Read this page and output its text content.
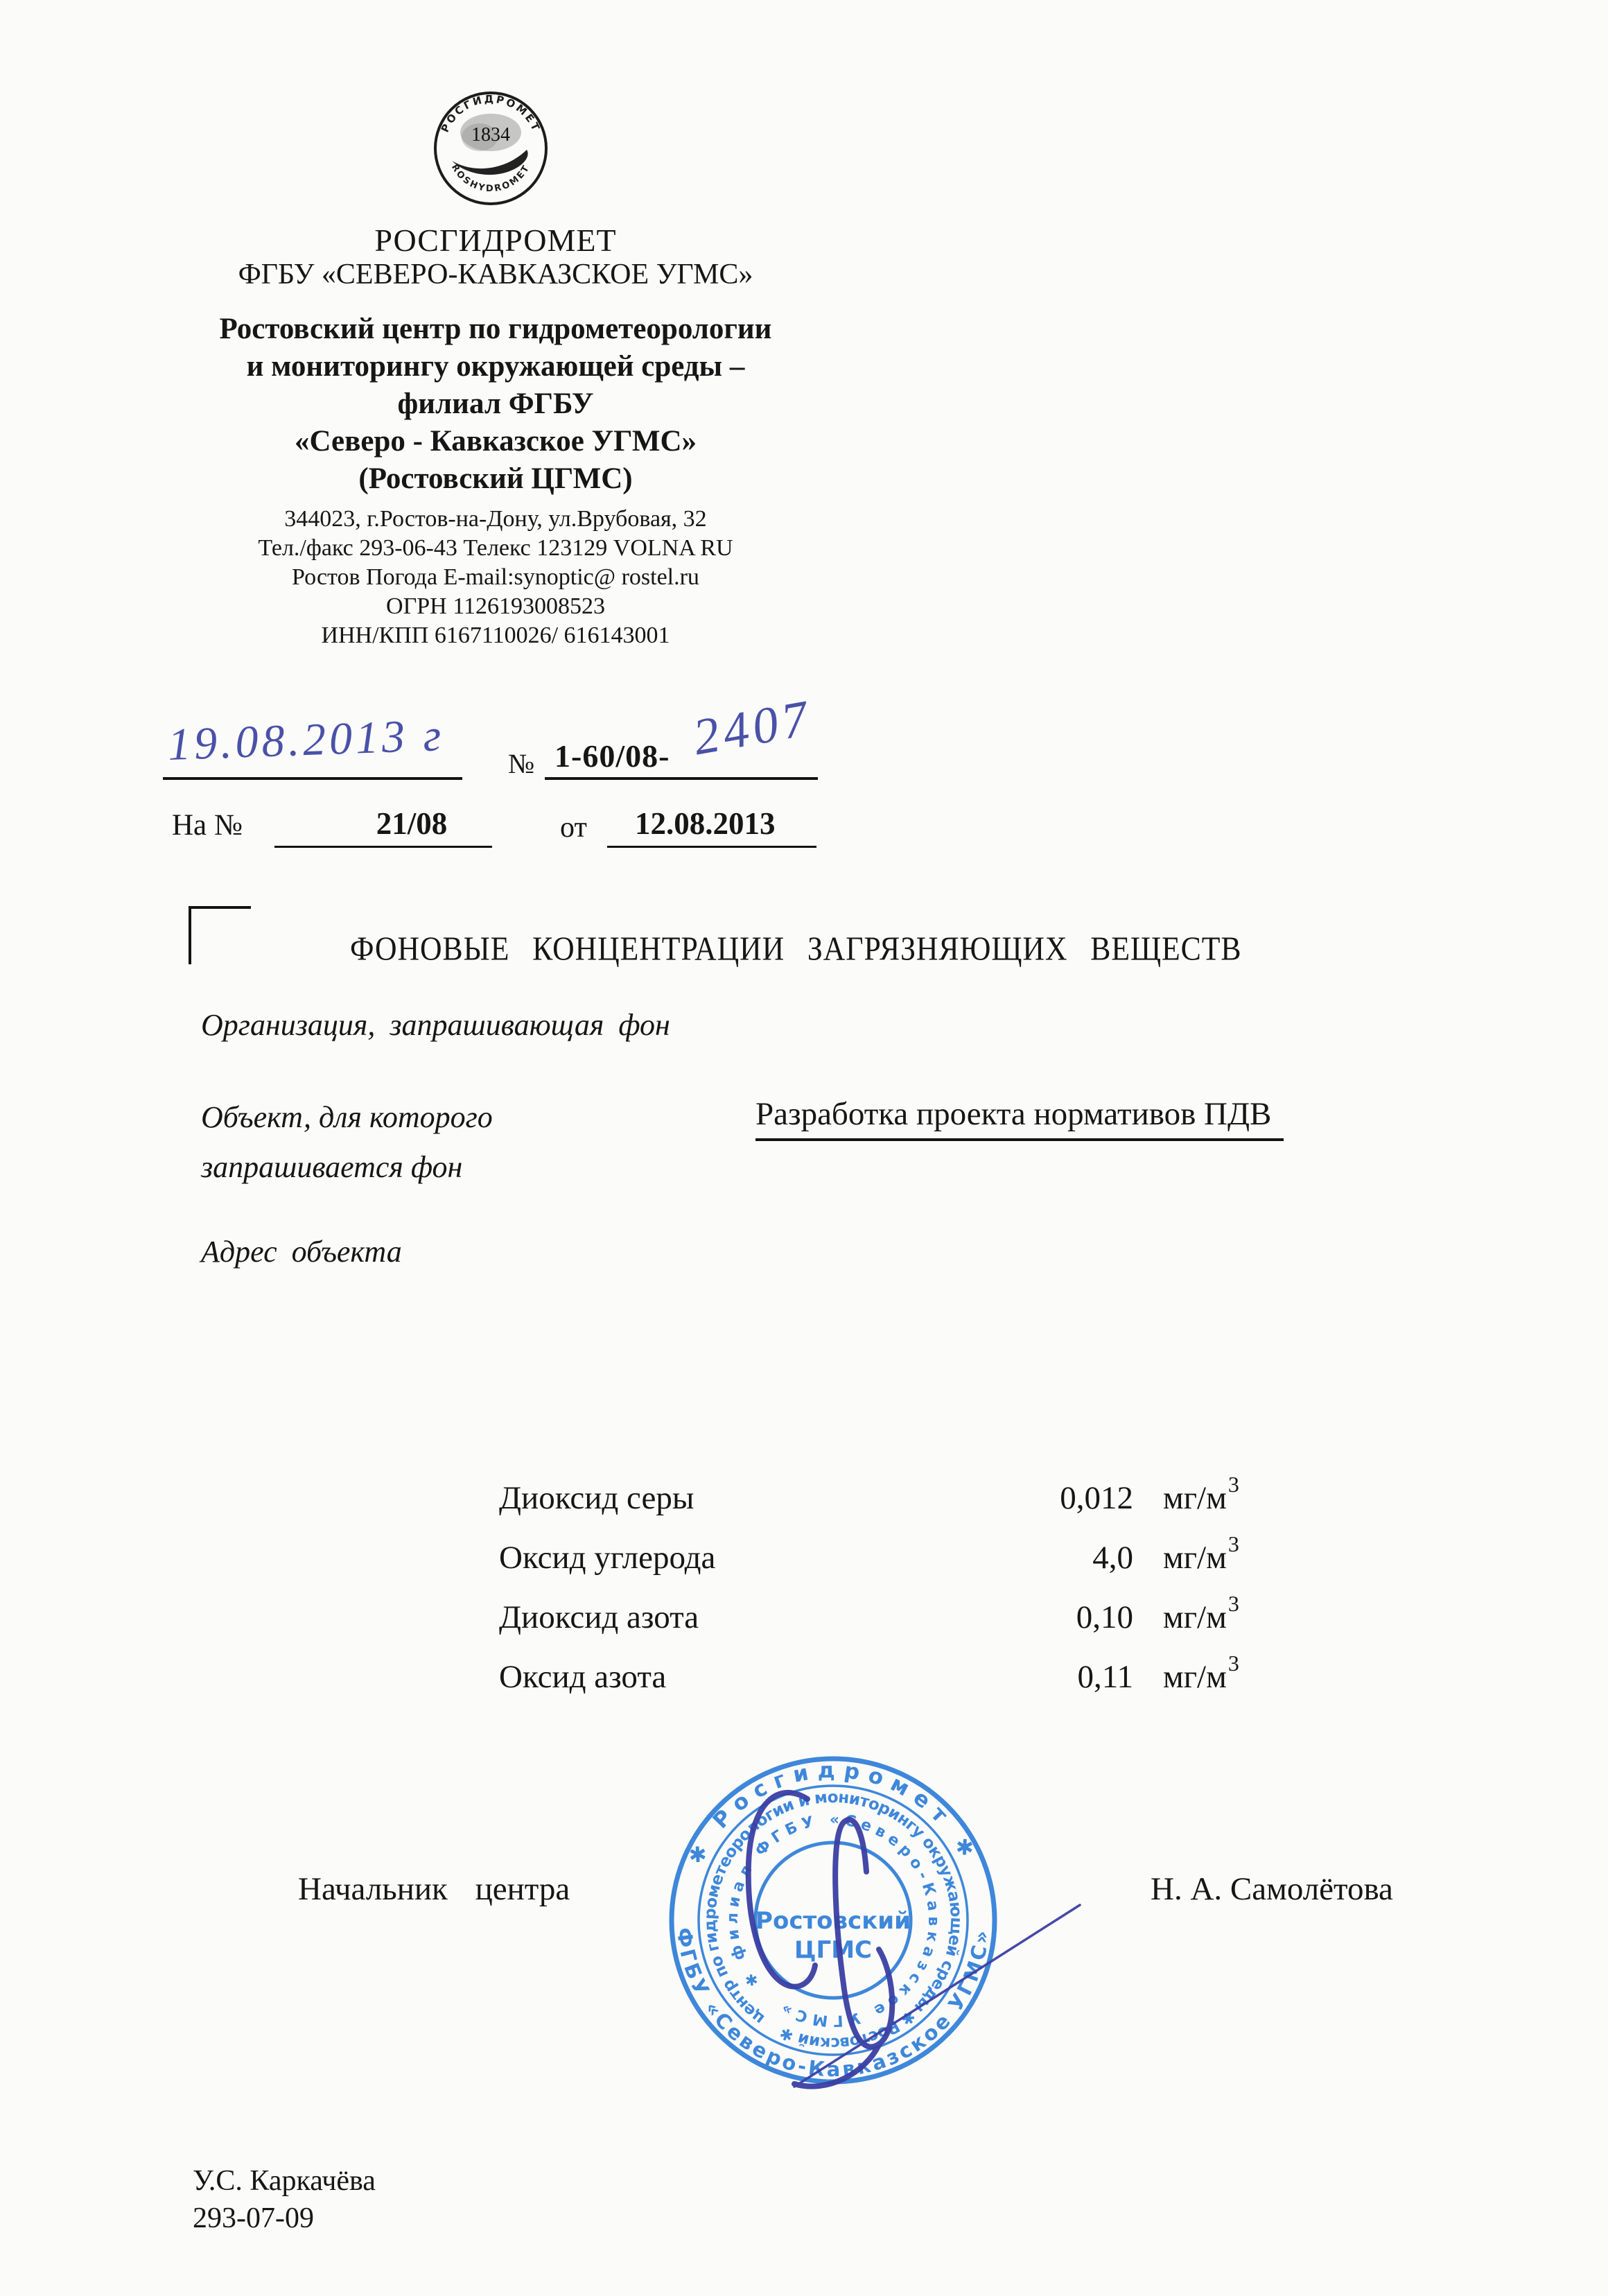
РОСГИДРОМЕТ
ROSHYDROMET
1834
РОСГИДРОМЕТ
ФГБУ «СЕВЕРО-КАВКАЗСКОЕ УГМС»
Ростовский центр по гидрометеорологии
и мониторингу окружающей среды –
филиал ФГБУ
«Северо - Кавказское УГМС»
(Ростовский ЦГМС)
344023, г.Ростов-на-Дону, ул.Врубовая, 32
Тел./факс 293-06-43 Телекс 123129 VOLNA RU
Ростов Погода E-mail:synoptic@ rostel.ru
ОГРН 1126193008523
ИНН/КПП 6167110026/ 616143001
19.08.2013 г № 1-60/08- 2407
На №	21/08	от 12.08.2013
ФОНОВЫЕ КОНЦЕНТРАЦИИ ЗАГРЯЗНЯЮЩИХ ВЕЩЕСТВ
Организация, запрашивающая фон
Объект, для которого
запрашивается фон
Разработка проекта нормативов ПДВ
Адрес объекта
Диоксид серы	0,012 $мг/м^3$
Оксид углерода	4,0 $мг/м^3$
Диоксид азота	0,10 $мг/м^3$
Оксид азота	0,11 $мг/м^3$
✱ Росгидромет ✱
ФГБУ «Северо-Кавказское УГМС»
центр по гидрометеорологии и мониторингу окружающей среды ✱ Ростовский ✱
✱ филиал ФГБУ «Северо-Кавказское УГМС»
Ростовский
ЦГМС
Начальник центра	Н. А. Самолётова
У.С. Каркачёва
293-07-09
